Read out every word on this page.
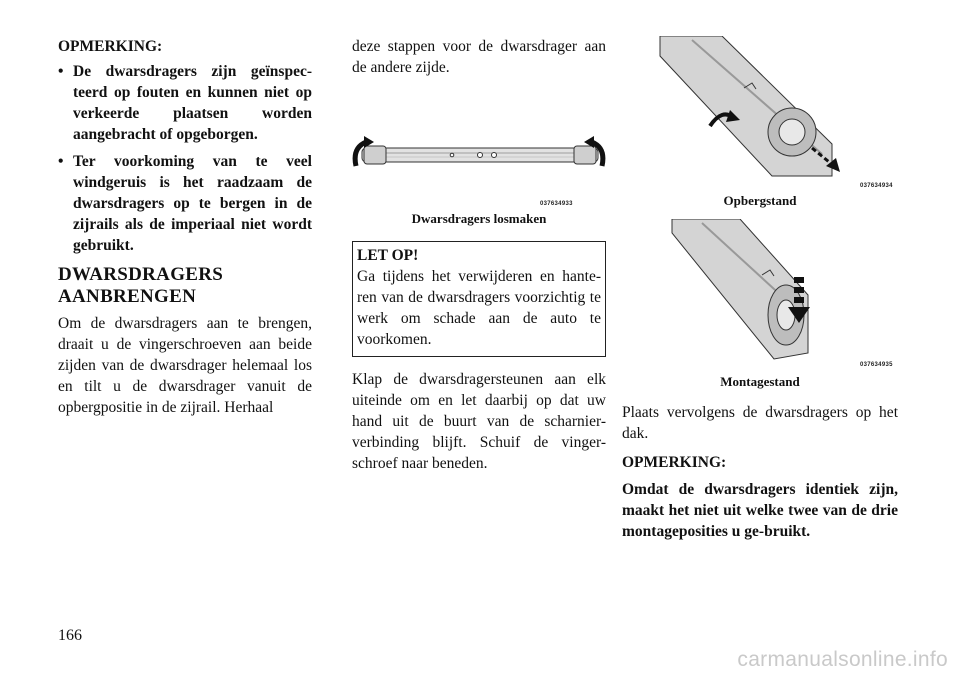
OPMERKING:

• De dwarsdragers zijn geïnspec-teerd op fouten en kunnen niet op verkeerde plaatsen worden aangebracht of opgeborgen.
• Ter voorkoming van te veel windgeruis is het raadzaam de dwarsdragers op te bergen in de zijrails als de imperiaal niet wordt gebruikt.
DWARSDRAGERS AANBRENGEN

Om de dwarsdragers aan te brengen, draait u de vingerschroeven aan beide zijden van de dwarsdrager helemaal los en tilt u de dwarsdrager vanuit de opbergpositie in de zijrail. Herhaal

deze stappen voor de dwarsdrager aan de andere zijde.

037634933

Dwarsdragers losmaken

LET OP!

Ga tijdens het verwijderen en hante-ren van de dwarsdragers voorzichtig te werk om schade aan de auto te voorkomen.

Klap de dwarsdragersteunen aan elk uiteinde om en let daarbij op dat uw hand uit de buurt van de scharnier-verbinding blijft. Schuif de vinger-schroef naar beneden.

037634934

Opbergstand

037634935

Montagestand

Plaats vervolgens de dwarsdragers op het dak.

OPMERKING:

Omdat de dwarsdragers identiek zijn, maakt het niet uit welke twee van de drie montageposities u ge-bruikt.

166
carmanualsonline.info
